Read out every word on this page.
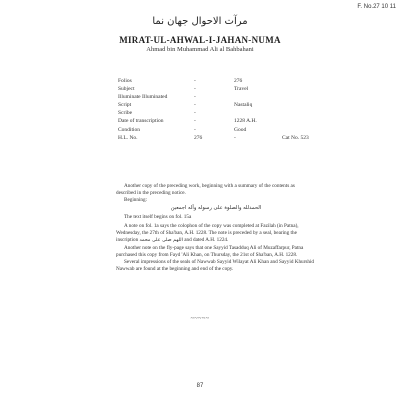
F. No.27 10 11
مرآت الاحوال جهان نما
MIRAT-UL-AHWAL-I-JAHAN-NUMA
Ahmad bin Muhammad Ali al Bahbahani
Folios	-	276
Subject	-	Travel
Illuminate Illuminated	-
Script	-	Nastaliq
Scribe	-
Date of transcription	-	1228 A.H.
Condition	-	Good
H.L. No.	276	-	Cat No. 523

Another copy of the preceding work, beginning with a summary of the contents as described in the preceding notice.

Beginning:

الحمدلله والصلوة على رسوله وآله اجمعین

The text itself begins on fol. 15a

A note on fol. 1a says the colophon of the copy was completed at Fazilah (in Patna), Wednesday, the 27th of Sha'ban, A.H. 1228. The note is preceded by a seal, bearing the inscription اللهم صلی علی محمد and dated A.H. 1224.

Another note on the fly-page says that one Sayyid Tasadduq Ali of Muzaffarpur, Patna purchased this copy from Fayd 'Ali Khan, on Thursday, the 21st of Sha'ban, A.H. 1228.

Several impressions of the seals of Nawwab Sayyid Wilayat Ali Khan and Sayyid Khurshid Nawwab are found at the beginning and end of the copy.

~~~~~
87
